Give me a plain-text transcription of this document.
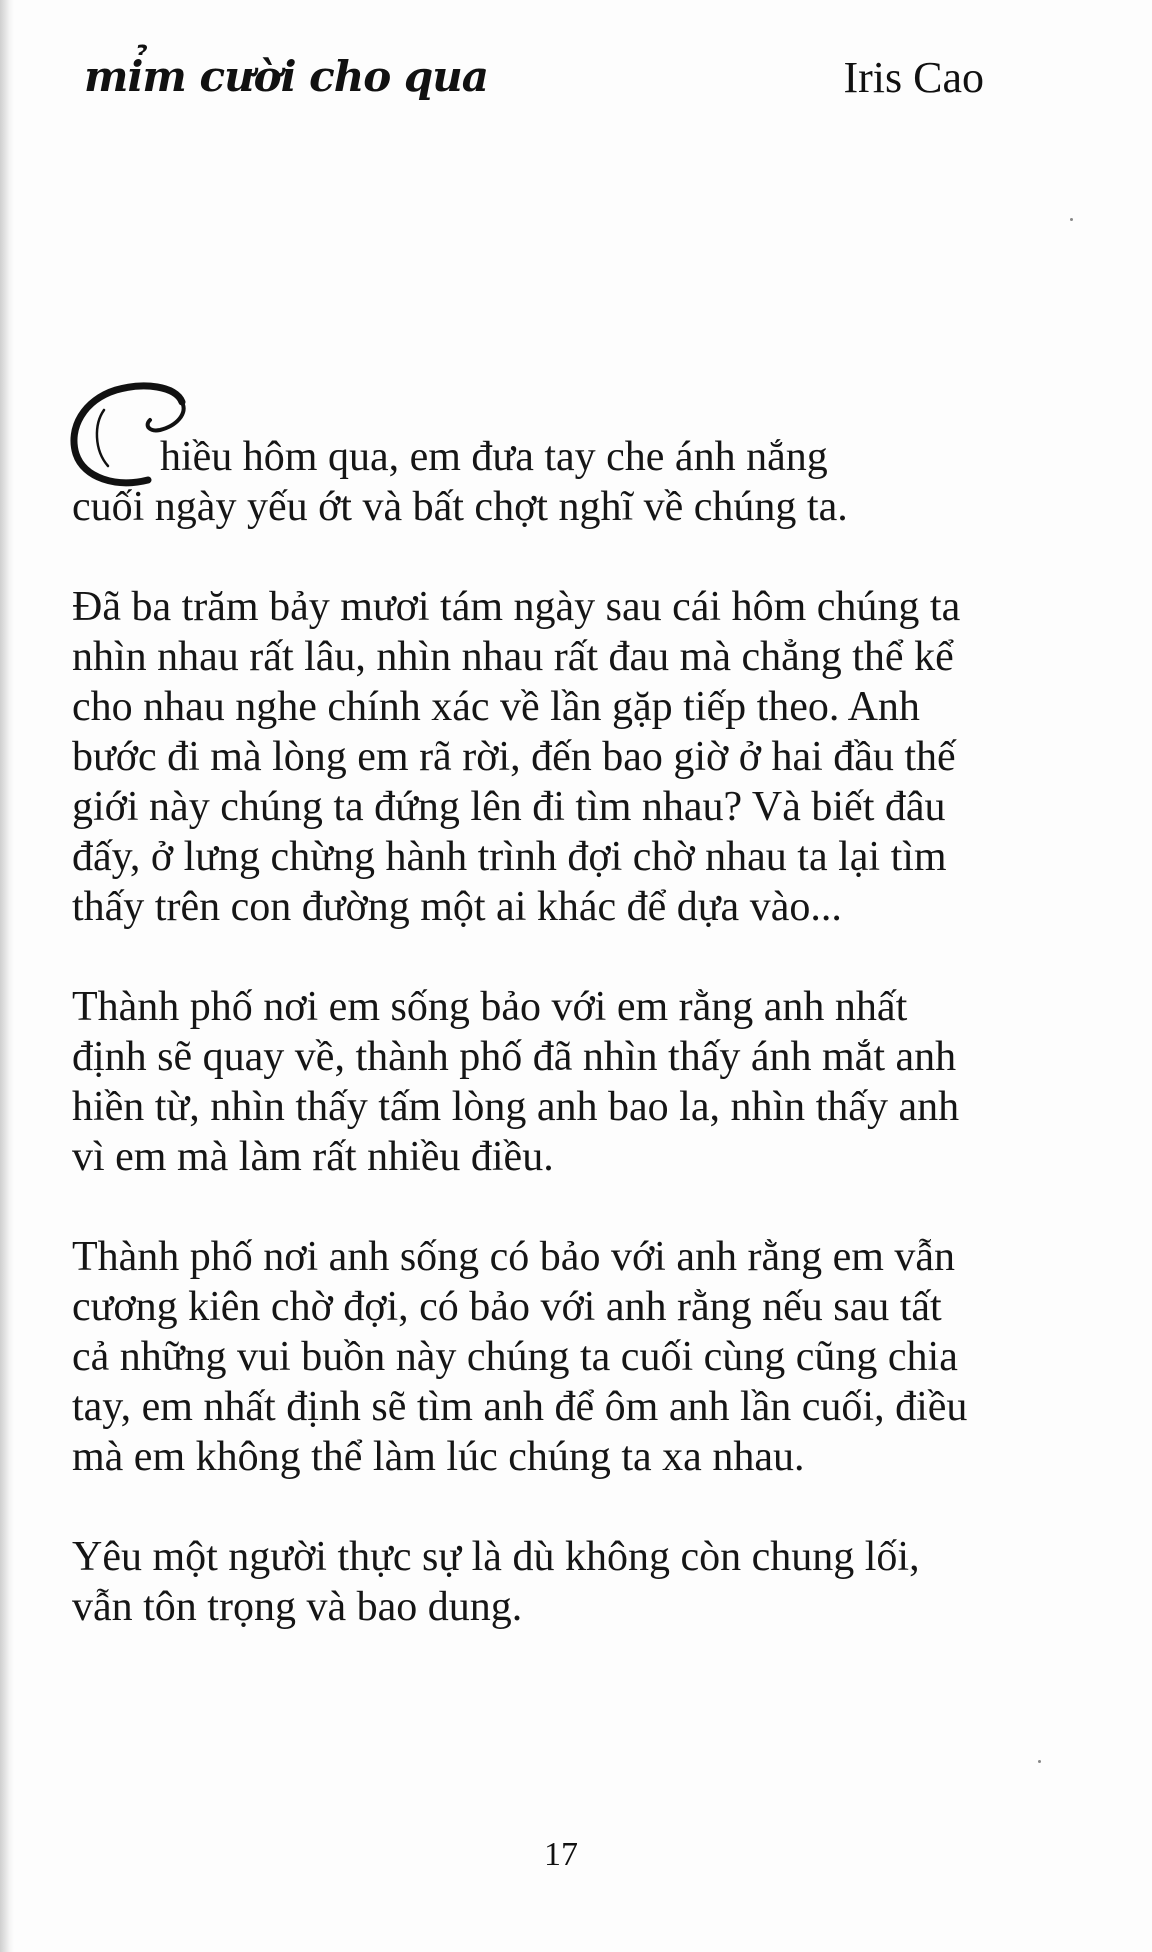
mỉm cười cho qua	Iris Cao

hiều hôm qua, em đưa tay che ánh nắng
cuối ngày yếu ớt và bất chợt nghĩ về chúng ta.

Đã ba trăm bảy mươi tám ngày sau cái hôm chúng ta nhìn nhau rất lâu, nhìn nhau rất đau mà chẳng thể kể cho nhau nghe chính xác về lần gặp tiếp theo. Anh bước đi mà lòng em rã rời, đến bao giờ ở hai đầu thế giới này chúng ta đứng lên đi tìm nhau? Và biết đâu đấy, ở lưng chừng hành trình đợi chờ nhau ta lại tìm thấy trên con đường một ai khác để dựa vào...

Thành phố nơi em sống bảo với em rằng anh nhất định sẽ quay về, thành phố đã nhìn thấy ánh mắt anh hiền từ, nhìn thấy tấm lòng anh bao la, nhìn thấy anh vì em mà làm rất nhiều điều.

Thành phố nơi anh sống có bảo với anh rằng em vẫn cương kiên chờ đợi, có bảo với anh rằng nếu sau tất cả những vui buồn này chúng ta cuối cùng cũng chia tay, em nhất định sẽ tìm anh để ôm anh lần cuối, điều mà em không thể làm lúc chúng ta xa nhau.

Yêu một người thực sự là dù không còn chung lối, vẫn tôn trọng và bao dung.

17
